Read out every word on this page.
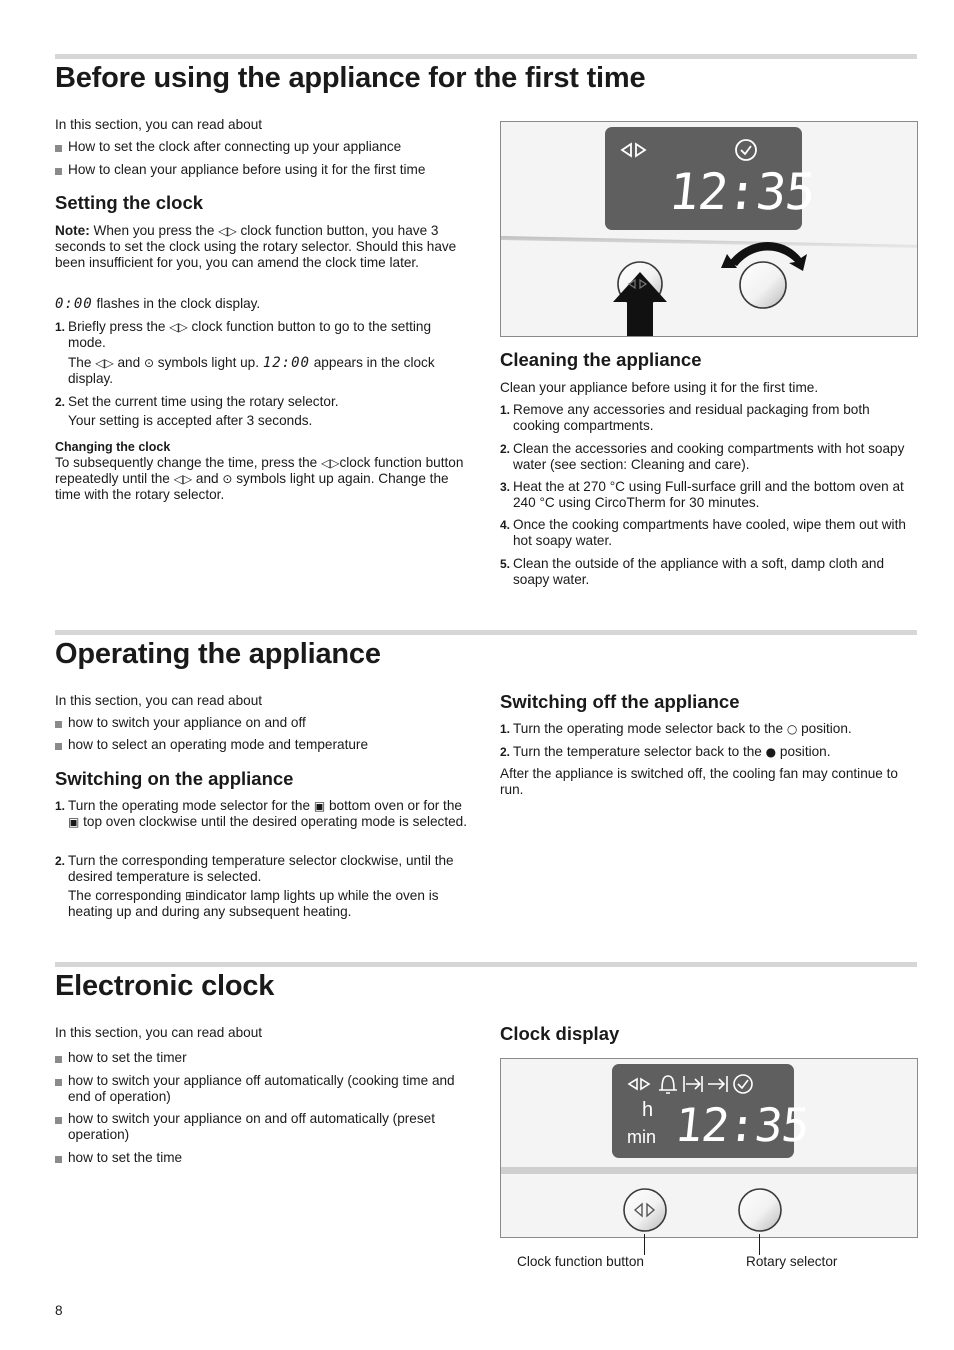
Before using the appliance for the first time

In this section, you can read about

How to set the clock after connecting up your appliance

How to clean your appliance before using it for the first time

Setting the clock

Note: When you press the ◁▷ clock function button, you have 3 seconds to set the clock using the rotary selector. Should this have been insufficient for you, you can amend the clock time later.

0:00 flashes in the clock display.

1. Briefly press the ◁▷ clock function button to go to the setting mode.
The ◁▷ and ⊙ symbols light up. 12:00 appears in the clock display.
2. Set the current time using the rotary selector.

Your setting is accepted after 3 seconds.

Changing the clock

To subsequently change the time, press the ◁▷clock function button repeatedly until the ◁▷ and ⊙ symbols light up again. Change the time with the rotary selector.

12:35
Cleaning the appliance

Clean your appliance before using it for the first time.

1. Remove any accessories and residual packaging from both cooking compartments.
2. Clean the accessories and cooking compartments with hot soapy water (see section: Cleaning and care).
3. Heat the at 270 °C using Full-surface grill and the bottom oven at 240 °C using CircoTherm for 30 minutes.
4. Once the cooking compartments have cooled, wipe them out with hot soapy water.
5. Clean the outside of the appliance with a soft, damp cloth and soapy water.
Operating the appliance

In this section, you can read about

how to switch your appliance on and off

how to select an operating mode and temperature

Switching on the appliance
1. Turn the operating mode selector for the ▣ bottom oven or for the ▣ top oven clockwise until the desired operating mode is selected.
2. Turn the corresponding temperature selector clockwise, until the desired temperature is selected.

The corresponding ⊞indicator lamp lights up while the oven is heating up and during any subsequent heating.

Switching off the appliance
1. Turn the operating mode selector back to the ○ position.
2. Turn the temperature selector back to the ● position.

After the appliance is switched off, the cooling fan may continue to run.

Electronic clock

In this section, you can read about

how to set the timer

how to switch your appliance off automatically (cooking time and end of operation)

how to switch your appliance on and off automatically (preset operation)

how to set the time

Clock display
h
min 12:35
Clock function button	Rotary selector
8
